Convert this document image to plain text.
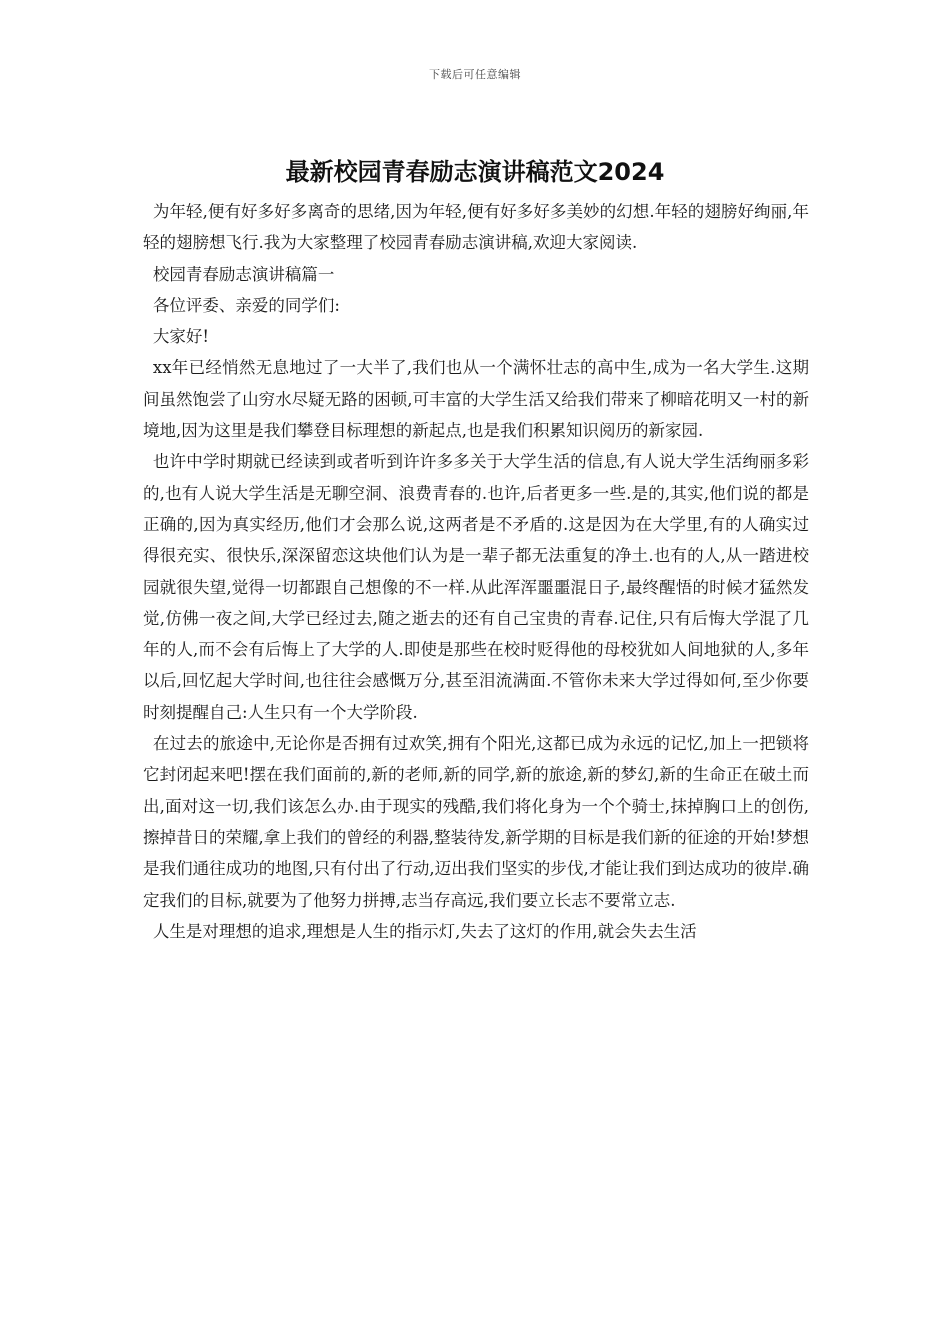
下载后可任意编辑
最新校园青春励志演讲稿范文2024

为年轻,便有好多好多离奇的思绪,因为年轻,便有好多好多美妙的幻想.年轻的翅膀好绚丽,年轻的翅膀想飞行.我为大家整理了校园青春励志演讲稿,欢迎大家阅读.

校园青春励志演讲稿篇一

各位评委、亲爱的同学们:

大家好!

xx年已经悄然无息地过了一大半了,我们也从一个满怀壮志的高中生,成为一名大学生.这期间虽然饱尝了山穷水尽疑无路的困顿,可丰富的大学生活又给我们带来了柳暗花明又一村的新境地,因为这里是我们攀登目标理想的新起点,也是我们积累知识阅历的新家园.

也许中学时期就已经读到或者听到许许多多关于大学生活的信息,有人说大学生活绚丽多彩的,也有人说大学生活是无聊空洞、浪费青春的.也许,后者更多一些.是的,其实,他们说的都是正确的,因为真实经历,他们才会那么说,这两者是不矛盾的.这是因为在大学里,有的人确实过得很充实、很快乐,深深留恋这块他们认为是一辈子都无法重复的净土.也有的人,从一踏进校园就很失望,觉得一切都跟自己想像的不一样.从此浑浑噩噩混日子,最终醒悟的时候才猛然发觉,仿佛一夜之间,大学已经过去,随之逝去的还有自己宝贵的青春.记住,只有后悔大学混了几年的人,而不会有后悔上了大学的人.即使是那些在校时贬得他的母校犹如人间地狱的人,多年以后,回忆起大学时间,也往往会感慨万分,甚至泪流满面.不管你未来大学过得如何,至少你要时刻提醒自己:人生只有一个大学阶段.

在过去的旅途中,无论你是否拥有过欢笑,拥有个阳光,这都已成为永远的记忆,加上一把锁将它封闭起来吧!摆在我们面前的,新的老师,新的同学,新的旅途,新的梦幻,新的生命正在破土而出,面对这一切,我们该怎么办.由于现实的残酷,我们将化身为一个个骑士,抹掉胸口上的创伤,擦掉昔日的荣耀,拿上我们的曾经的利器,整装待发,新学期的目标是我们新的征途的开始!梦想是我们通往成功的地图,只有付出了行动,迈出我们坚实的步伐,才能让我们到达成功的彼岸.确定我们的目标,就要为了他努力拼搏,志当存高远,我们要立长志不要常立志.

人生是对理想的追求,理想是人生的指示灯,失去了这灯的作用,就会失去生活
